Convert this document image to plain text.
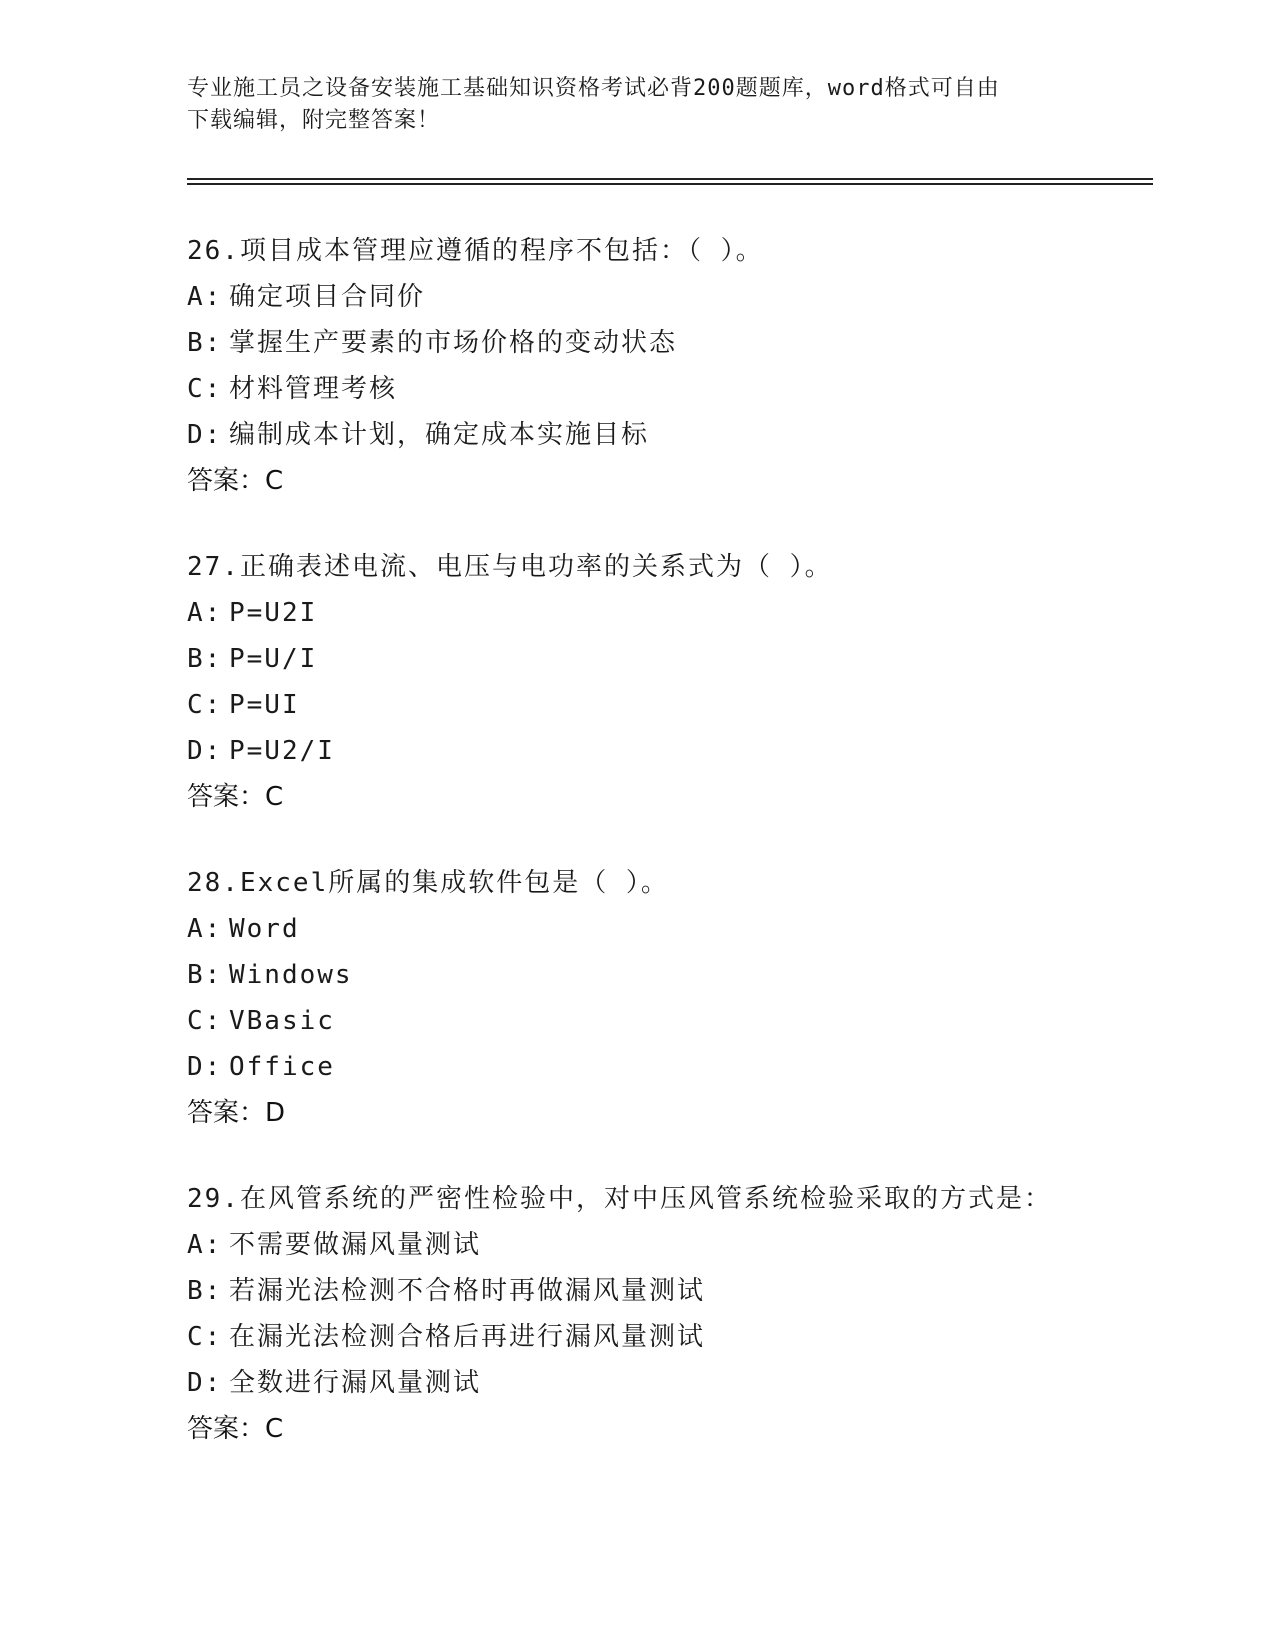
专业施工员之设备安装施工基础知识资格考试必背200题题库，word格式可自由
下载编辑，附完整答案！
26.项目成本管理应遵循的程序不包括：（ ）。
A: 确定项目合同价
B: 掌握生产要素的市场价格的变动状态
C: 材料管理考核
D: 编制成本计划，确定成本实施目标
答案：C
27.正确表述电流、电压与电功率的关系式为（ ）。
A: P=U2I
B: P=U/I
C: P=UI
D: P=U2/I
答案：C
28.Excel所属的集成软件包是（ ）。
A: Word
B: Windows
C: VBasic
D: Office
答案：D
29.在风管系统的严密性检验中，对中压风管系统检验采取的方式是：
A: 不需要做漏风量测试
B: 若漏光法检测不合格时再做漏风量测试
C: 在漏光法检测合格后再进行漏风量测试
D: 全数进行漏风量测试
答案：C
